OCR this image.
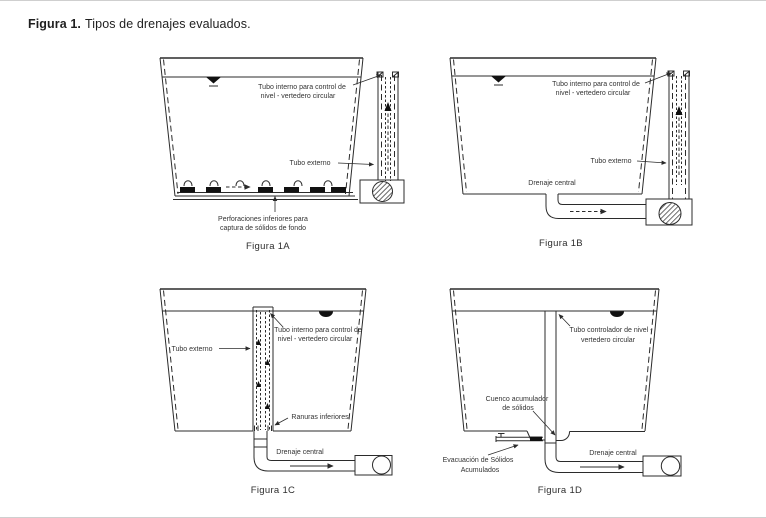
Figura 1. Tipos de drenajes evaluados.
Tubo interno para control de
nivel - vertedero circular
Tubo externo
Perforaciones inferiores para
captura de sólidos de fondo
Figura 1A
Tubo interno para control de
nivel - vertedero circular
Tubo externo
Drenaje central
Figura 1B
Tubo externo
Tubo interno para control de
nivel - vertedero circular
Ranuras inferiores
Drenaje central
Figura 1C
Tubo controlador de nivel -
vertedero circular
Cuenco acumulador
de sólidos
Evacuación de Sólidos
Acumulados
Drenaje central
Figura 1D
